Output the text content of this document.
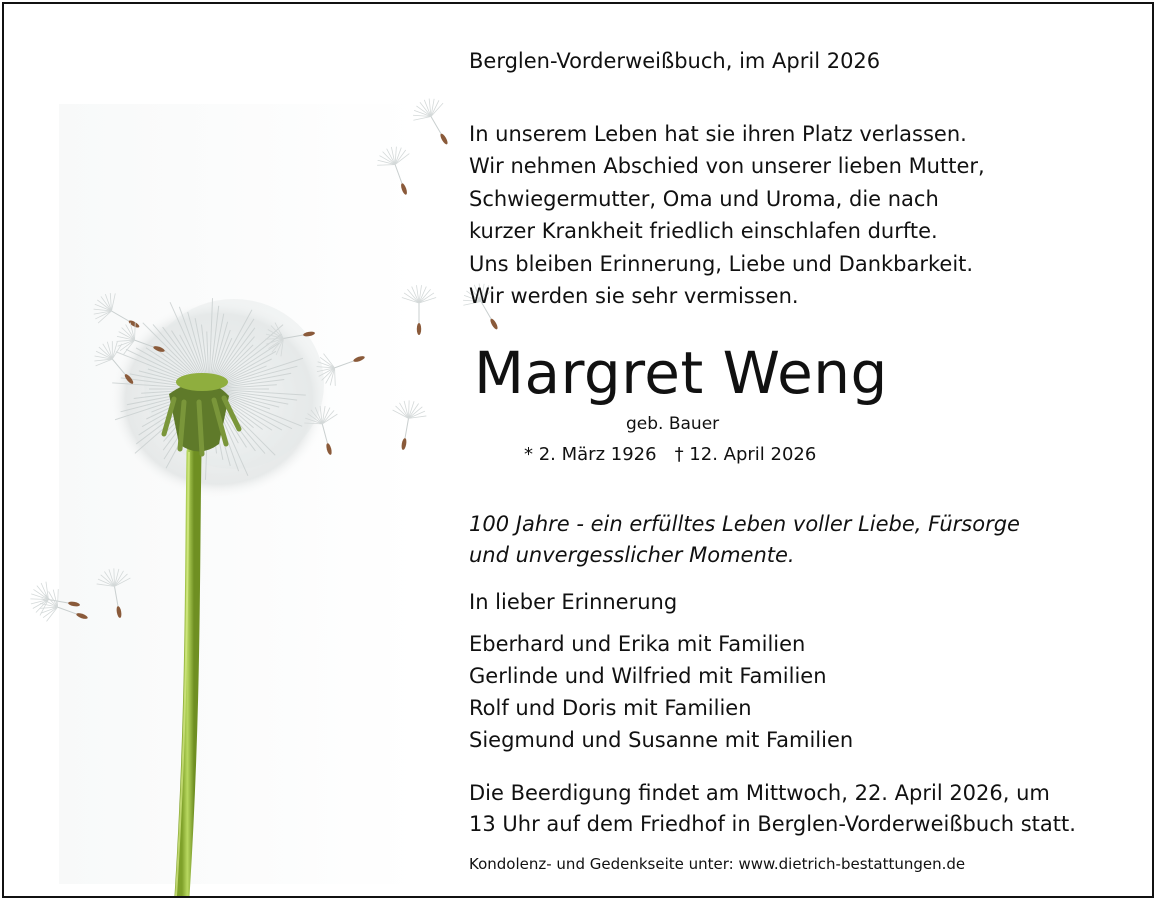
Berglen-Vorderweißbuch, im April 2026
In unserem Leben hat sie ihren Platz verlassen.
Wir nehmen Abschied von unserer lieben Mutter,
Schwiegermutter, Oma und Uroma, die nach
kurzer Krankheit friedlich einschlafen durfte.
Uns bleiben Erinnerung, Liebe und Dankbarkeit.
Wir werden sie sehr vermissen.
Margret Weng
geb. Bauer
* 2. März 1926 † 12. April 2026
100 Jahre - ein erfülltes Leben voller Liebe, Fürsorge
und unvergesslicher Momente.
In lieber Erinnerung
Eberhard und Erika mit Familien
Gerlinde und Wilfried mit Familien
Rolf und Doris mit Familien
Siegmund und Susanne mit Familien
Die Beerdigung findet am Mittwoch, 22. April 2026, um
13 Uhr auf dem Friedhof in Berglen-Vorderweißbuch statt.
Kondolenz- und Gedenkseite unter: www.dietrich-bestattungen.de
